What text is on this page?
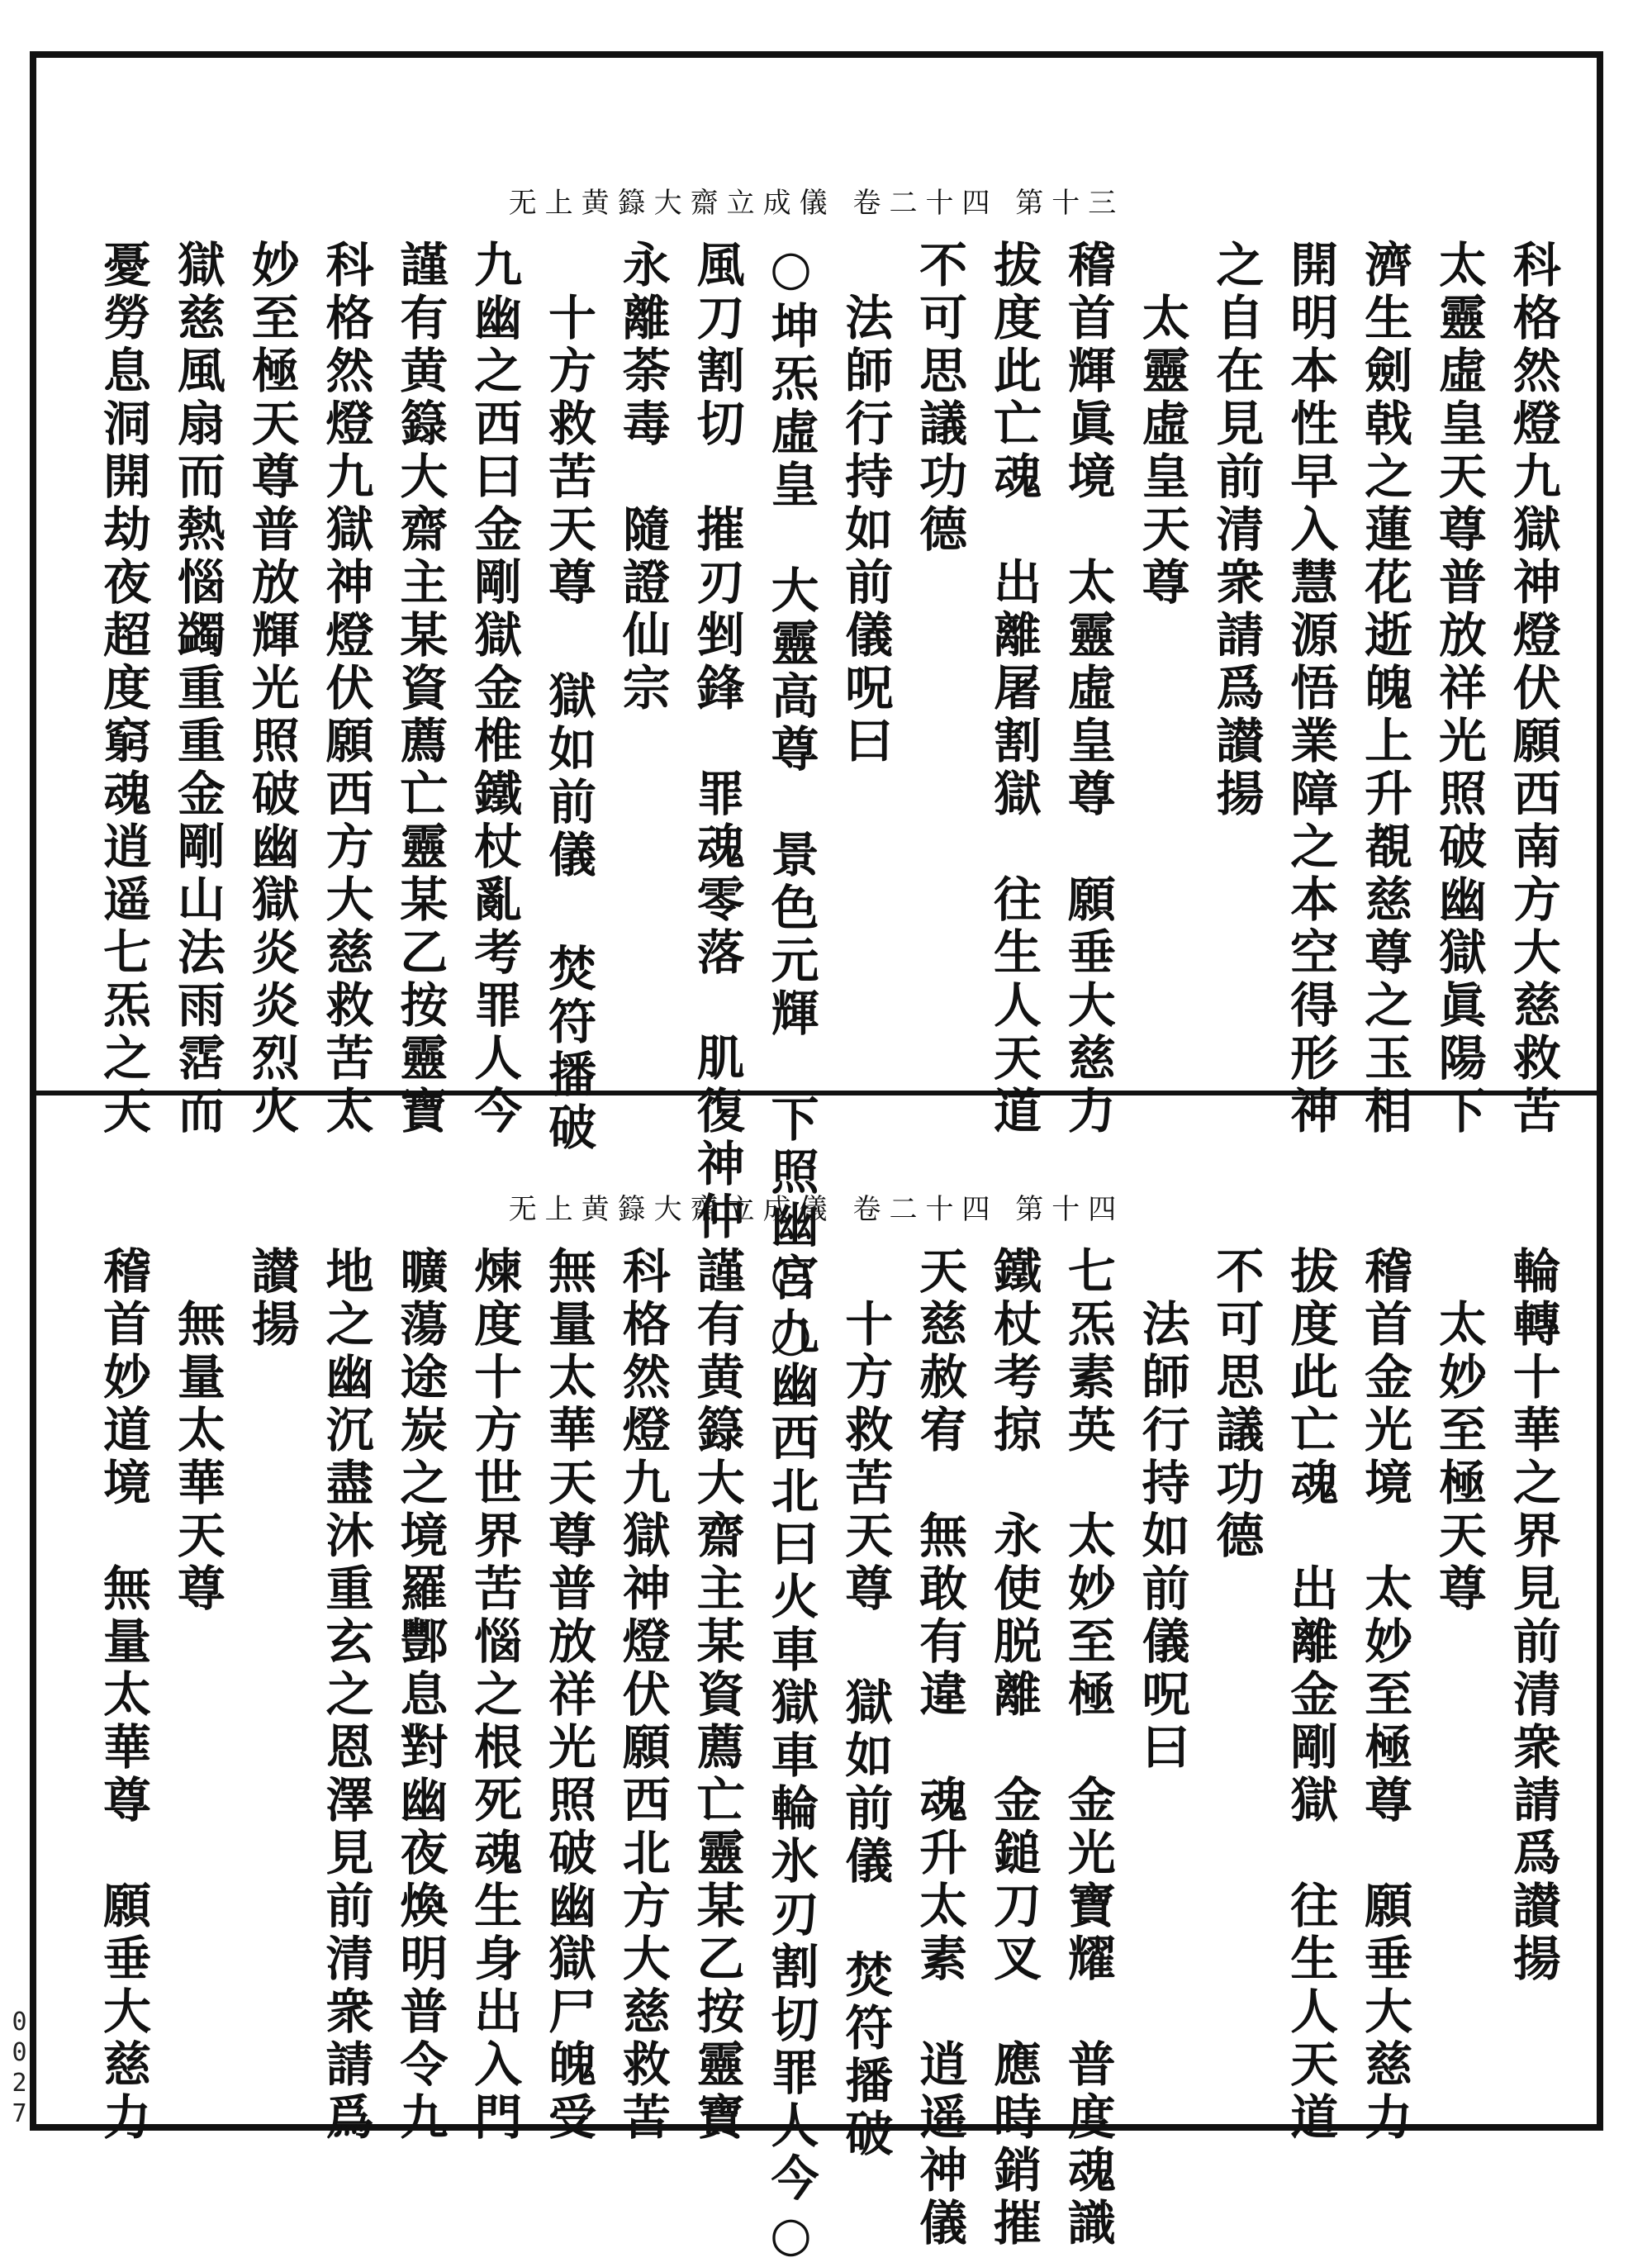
无上黄籙大齋立成儀 卷二十四 第十三
科格然燈九獄神燈伏願西南方大慈救苦
太靈虛皇天尊普放祥光照破幽獄眞陽下
濟生劍戟之蓮花逝魄上升覩慈尊之玉相
開明本性早入慧源悟業障之本空得形神
之自在見前清衆請爲讃揚
　太靈虛皇天尊
稽首輝眞境　太靈虛皇尊　願垂大慈力
拔度此亡魂　出離屠割獄　往生人天道
不可思議功德
　法師行持如前儀呪曰
○坤炁虛皇　大靈高尊　景色元輝　下照幽宮○
風刀割切　摧刃剉鋒　罪魂零落　肌復神仲
永離荼毒　隨證仙宗
　十方救苦天尊 獄如前儀 焚符播破
九幽之西曰金剛獄金椎鐵杖亂考罪人今
謹有黄籙大齋主某資薦亡靈某乙按靈寶
科格然燈九獄神燈伏願西方大慈救苦太
妙至極天尊普放輝光照破幽獄炎炎烈火
獄慈風扇而熱惱蠲重重金剛山法雨霑而
憂勞息洞開劫夜超度窮魂逍遥七炁之天
无上黄籙大齋立成儀 卷二十四 第十四
輪轉十華之界見前清衆請爲讃揚
　太妙至極天尊
稽首金光境　太妙至極尊　願垂大慈力
拔度此亡魂　出離金剛獄　往生人天道
不可思議功德
　法師行持如前儀呪曰
七炁素英　太妙至極　金光寶耀　普度魂識
鐵杖考掠　永使脱離　金鎚刀叉　應時銷摧
天慈赦宥　無敢有違　魂升太素　逍遥神儀
　十方救苦天尊 獄如前儀 焚符播破
○九幽西北曰火車獄車輪氷刃割切罪人今○
謹有黄籙大齋主某資薦亡靈某乙按靈寶
科格然燈九獄神燈伏願西北方大慈救苦
無量太華天尊普放祥光照破幽獄尸魄受
煉度十方世界苦惱之根死魂生身出入門
曠蕩途炭之境羅酆息對幽夜煥明普令九
地之幽沉盡沐重玄之恩澤見前清衆請爲
讃揚
　無量太華天尊
稽首妙道境　無量太華尊　願垂大慈力
0027
